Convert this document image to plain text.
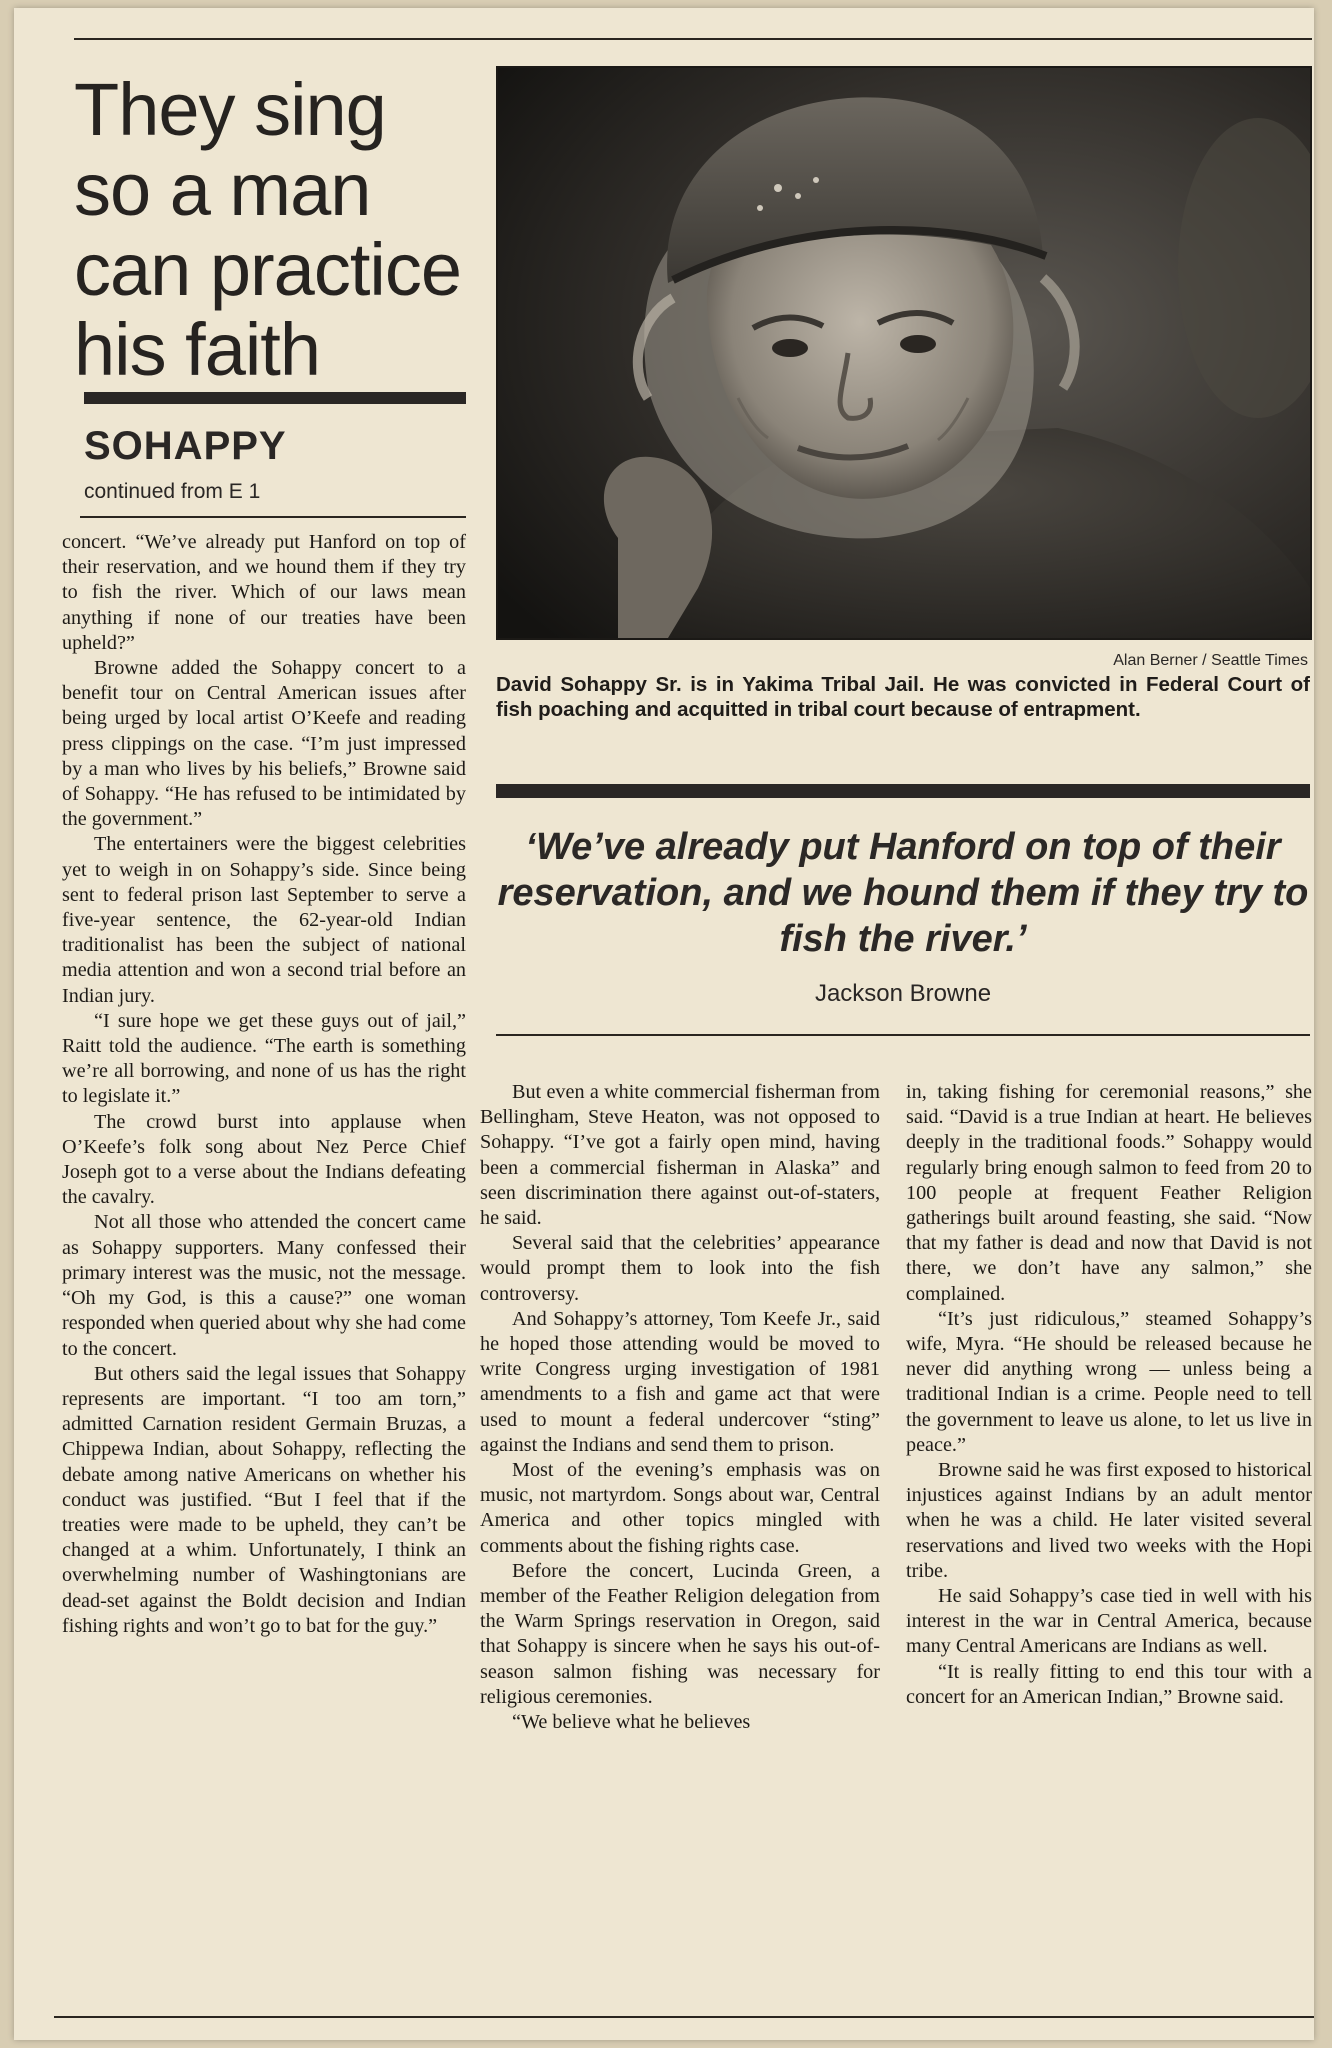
They sing so a man can practice his faith
SOHAPPY
continued from E 1
Alan Berner / Seattle Times
David Sohappy Sr. is in Yakima Tribal Jail. He was convicted in Federal Court of fish poaching and acquitted in tribal court because of entrapment.

‘We’ve already put Hanford on top of their reservation, and we hound them if they try to fish the river.’

Jackson Browne

concert. “We’ve already put Hanford on top of their reservation, and we hound them if they try to fish the river. Which of our laws mean anything if none of our treaties have been upheld?”

Browne added the Sohappy concert to a benefit tour on Central American issues after being urged by local artist O’Keefe and reading press clippings on the case. “I’m just impressed by a man who lives by his beliefs,” Browne said of Sohappy. “He has refused to be intimidated by the government.”

The entertainers were the biggest celebrities yet to weigh in on Sohappy’s side. Since being sent to federal prison last September to serve a five-year sentence, the 62-year-old Indian traditionalist has been the subject of national media attention and won a second trial before an Indian jury.

“I sure hope we get these guys out of jail,” Raitt told the audience. “The earth is something we’re all borrowing, and none of us has the right to legislate it.”

The crowd burst into applause when O’Keefe’s folk song about Nez Perce Chief Joseph got to a verse about the Indians defeating the cavalry.

Not all those who attended the concert came as Sohappy supporters. Many confessed their primary interest was the music, not the message. “Oh my God, is this a cause?” one woman responded when queried about why she had come to the concert.

But others said the legal issues that Sohappy represents are important. “I too am torn,” admitted Carnation resident Germain Bruzas, a Chippewa Indian, about Sohappy, reflecting the debate among native Americans on whether his conduct was justified. “But I feel that if the treaties were made to be upheld, they can’t be changed at a whim. Unfortunately, I think an overwhelming number of Washingtonians are dead-set against the Boldt decision and Indian fishing rights and won’t go to bat for the guy.”

But even a white commercial fisherman from Bellingham, Steve Heaton, was not opposed to Sohappy. “I’ve got a fairly open mind, having been a commercial fisherman in Alaska” and seen discrimination there against out-of-staters, he said.

Several said that the celebrities’ appearance would prompt them to look into the fish controversy.

And Sohappy’s attorney, Tom Keefe Jr., said he hoped those attending would be moved to write Congress urging investigation of 1981 amendments to a fish and game act that were used to mount a federal undercover “sting” against the Indians and send them to prison.

Most of the evening’s emphasis was on music, not martyrdom. Songs about war, Central America and other topics mingled with comments about the fishing rights case.

Before the concert, Lucinda Green, a member of the Feather Religion delegation from the Warm Springs reservation in Oregon, said that Sohappy is sincere when he says his out-of-season salmon fishing was necessary for religious ceremonies.

“We believe what he believes

in, taking fishing for ceremonial reasons,” she said. “David is a true Indian at heart. He believes deeply in the traditional foods.” Sohappy would regularly bring enough salmon to feed from 20 to 100 people at frequent Feather Religion gatherings built around feasting, she said. “Now that my father is dead and now that David is not there, we don’t have any salmon,” she complained.

“It’s just ridiculous,” steamed Sohappy’s wife, Myra. “He should be released because he never did anything wrong — unless being a traditional Indian is a crime. People need to tell the government to leave us alone, to let us live in peace.”

Browne said he was first exposed to historical injustices against Indians by an adult mentor when he was a child. He later visited several reservations and lived two weeks with the Hopi tribe.

He said Sohappy’s case tied in well with his interest in the war in Central America, because many Central Americans are Indians as well.

“It is really fitting to end this tour with a concert for an American Indian,” Browne said.
